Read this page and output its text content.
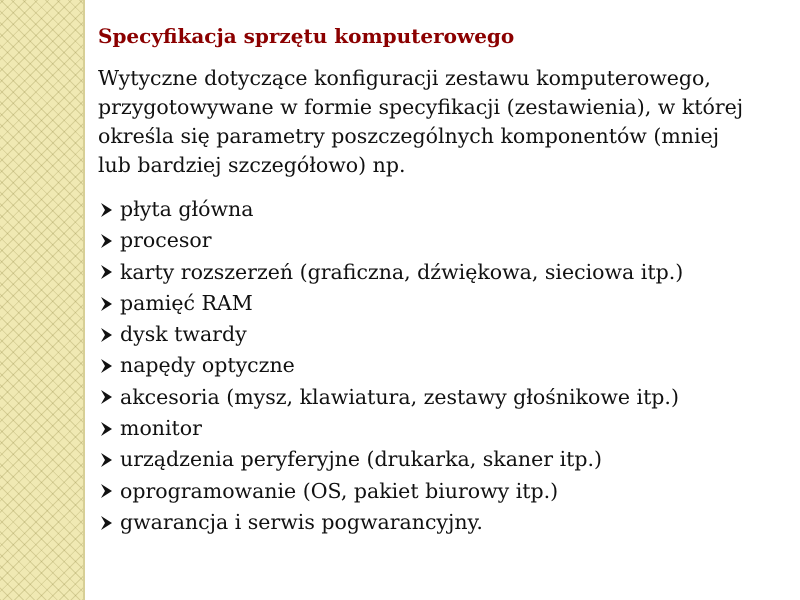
Specyfikacja sprzętu komputerowego
Wytyczne dotyczące konfiguracji zestawu komputerowego, przygotowywane w formie specyfikacji (zestawienia), w której określa się parametry poszczególnych komponentów (mniej lub bardziej szczegółowo) np.
płyta główna
procesor
karty rozszerzeń (graficzna, dźwiękowa, sieciowa itp.)
pamięć RAM
dysk twardy
napędy optyczne
akcesoria (mysz, klawiatura, zestawy głośnikowe itp.)
monitor
urządzenia peryferyjne (drukarka, skaner itp.)
oprogramowanie (OS, pakiet biurowy itp.)
gwarancja i serwis pogwarancyjny.
